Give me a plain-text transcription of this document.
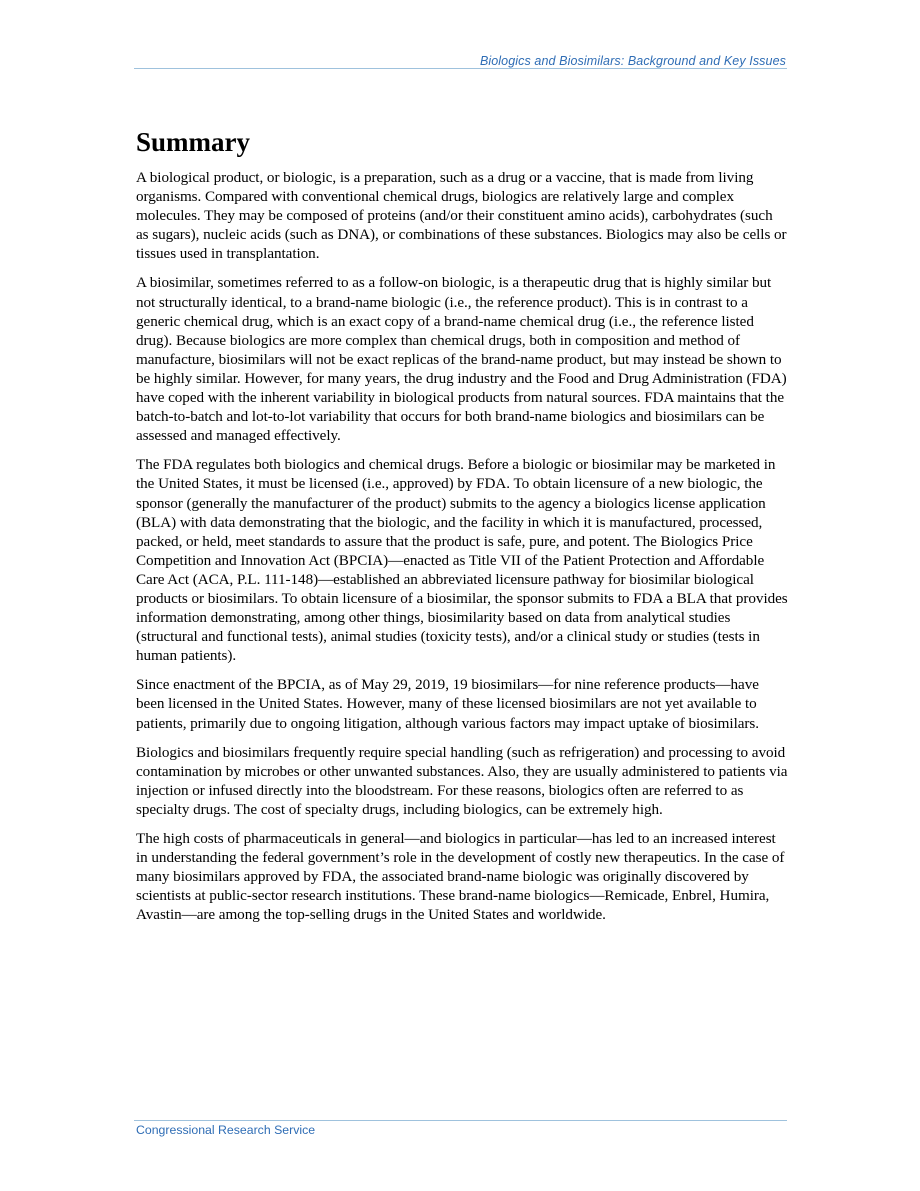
Biologics and Biosimilars: Background and Key Issues
Summary

A biological product, or biologic, is a preparation, such as a drug or a vaccine, that is made from living organisms. Compared with conventional chemical drugs, biologics are relatively large and complex molecules. They may be composed of proteins (and/or their constituent amino acids), carbohydrates (such as sugars), nucleic acids (such as DNA), or combinations of these substances. Biologics may also be cells or tissues used in transplantation.

A biosimilar, sometimes referred to as a follow-on biologic, is a therapeutic drug that is highly similar but not structurally identical, to a brand-name biologic (i.e., the reference product). This is in contrast to a generic chemical drug, which is an exact copy of a brand-name chemical drug (i.e., the reference listed drug). Because biologics are more complex than chemical drugs, both in composition and method of manufacture, biosimilars will not be exact replicas of the brand-name product, but may instead be shown to be highly similar. However, for many years, the drug industry and the Food and Drug Administration (FDA) have coped with the inherent variability in biological products from natural sources. FDA maintains that the batch-to-batch and lot-to-lot variability that occurs for both brand-name biologics and biosimilars can be assessed and managed effectively.

The FDA regulates both biologics and chemical drugs. Before a biologic or biosimilar may be marketed in the United States, it must be licensed (i.e., approved) by FDA. To obtain licensure of a new biologic, the sponsor (generally the manufacturer of the product) submits to the agency a biologics license application (BLA) with data demonstrating that the biologic, and the facility in which it is manufactured, processed, packed, or held, meet standards to assure that the product is safe, pure, and potent. The Biologics Price Competition and Innovation Act (BPCIA)—enacted as Title VII of the Patient Protection and Affordable Care Act (ACA, P.L. 111-148)—established an abbreviated licensure pathway for biosimilar biological products or biosimilars. To obtain licensure of a biosimilar, the sponsor submits to FDA a BLA that provides information demonstrating, among other things, biosimilarity based on data from analytical studies (structural and functional tests), animal studies (toxicity tests), and/or a clinical study or studies (tests in human patients).

Since enactment of the BPCIA, as of May 29, 2019, 19 biosimilars—for nine reference products—have been licensed in the United States. However, many of these licensed biosimilars are not yet available to patients, primarily due to ongoing litigation, although various factors may impact uptake of biosimilars.

Biologics and biosimilars frequently require special handling (such as refrigeration) and processing to avoid contamination by microbes or other unwanted substances. Also, they are usually administered to patients via injection or infused directly into the bloodstream. For these reasons, biologics often are referred to as specialty drugs. The cost of specialty drugs, including biologics, can be extremely high.

The high costs of pharmaceuticals in general—and biologics in particular—has led to an increased interest in understanding the federal government’s role in the development of costly new therapeutics. In the case of many biosimilars approved by FDA, the associated brand-name biologic was originally discovered by scientists at public-sector research institutions. These brand-name biologics—Remicade, Enbrel, Humira, Avastin—are among the top-selling drugs in the United States and worldwide.

Congressional Research Service
